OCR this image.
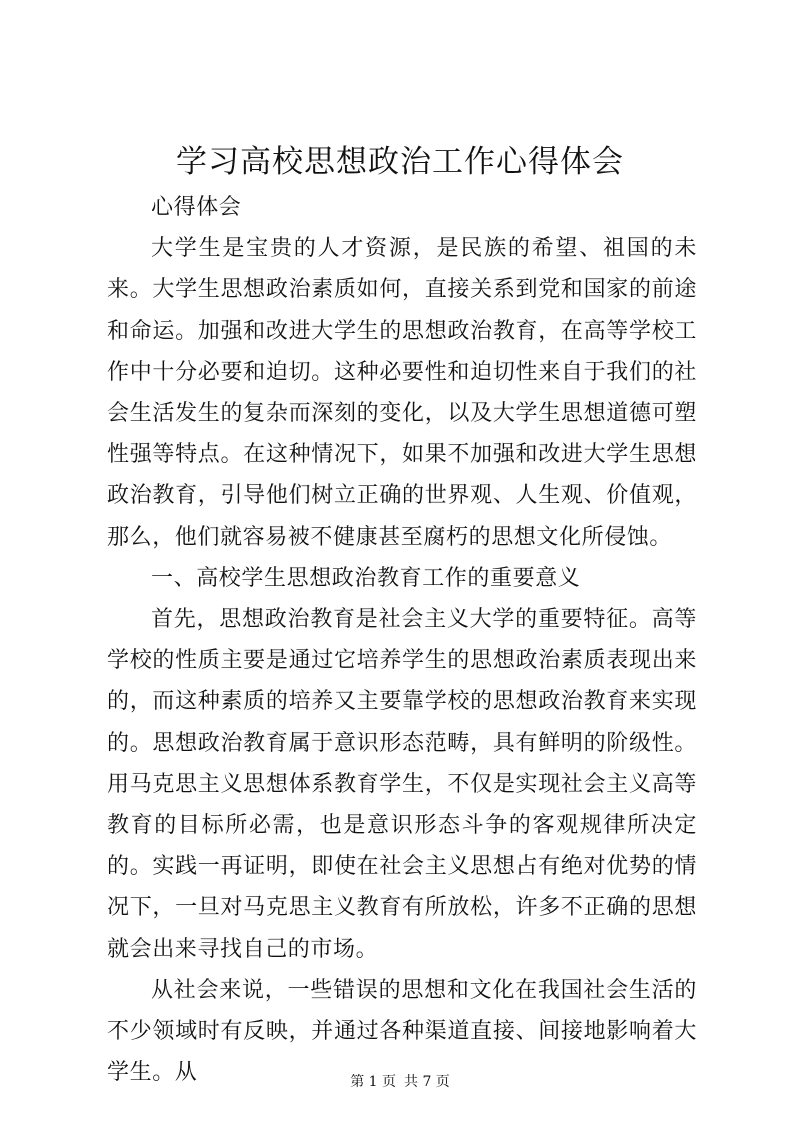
学习高校思想政治工作心得体会

心得体会

大学生是宝贵的人才资源，是民族的希望、祖国的未来。大学生思想政治素质如何，直接关系到党和国家的前途和命运。加强和改进大学生的思想政治教育，在高等学校工作中十分必要和迫切。这种必要性和迫切性来自于我们的社会生活发生的复杂而深刻的变化，以及大学生思想道德可塑性强等特点。在这种情况下，如果不加强和改进大学生思想政治教育，引导他们树立正确的世界观、人生观、价值观，那么，他们就容易被不健康甚至腐朽的思想文化所侵蚀。

一、高校学生思想政治教育工作的重要意义

首先，思想政治教育是社会主义大学的重要特征。高等学校的性质主要是通过它培养学生的思想政治素质表现出来的，而这种素质的培养又主要靠学校的思想政治教育来实现的。思想政治教育属于意识形态范畴，具有鲜明的阶级性。用马克思主义思想体系教育学生，不仅是实现社会主义高等教育的目标所必需，也是意识形态斗争的客观规律所决定的。实践一再证明，即使在社会主义思想占有绝对优势的情况下，一旦对马克思主义教育有所放松，许多不正确的思想就会出来寻找自己的市场。

从社会来说，一些错误的思想和文化在我国社会生活的不少领域时有反映，并通过各种渠道直接、间接地影响着大学生。从	第 1 页 共 7 页
